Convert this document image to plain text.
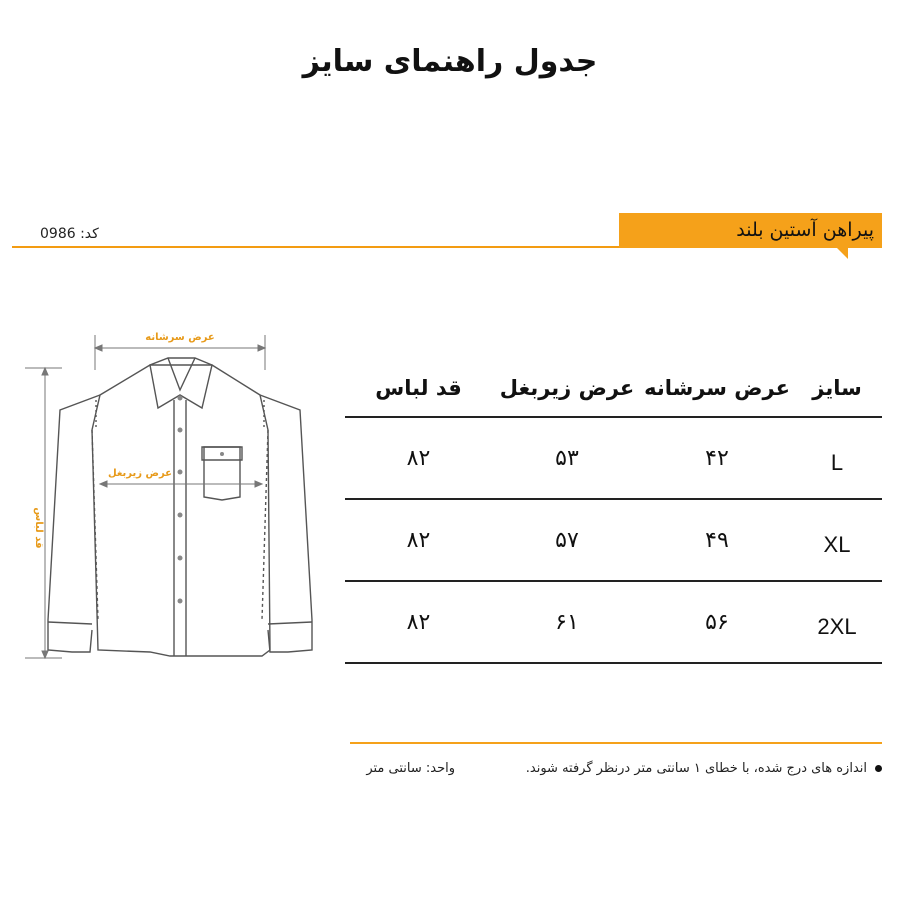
جدول راهنمای سایز
پیراهن آستین بلند
کد: 0986
عرض سرشانه
عرض زیربغل
قد لباس
سایز	عرض سرشانه	عرض زیربغل	قد لباس
L	۴۲	۵۳	۸۲
XL	۴۹	۵۷	۸۲
2XL	۵۶	۶۱	۸۲
اندازه های درج شده، با خطای ۱ سانتی متر درنظر گرفته شوند.
واحد: سانتی متر
